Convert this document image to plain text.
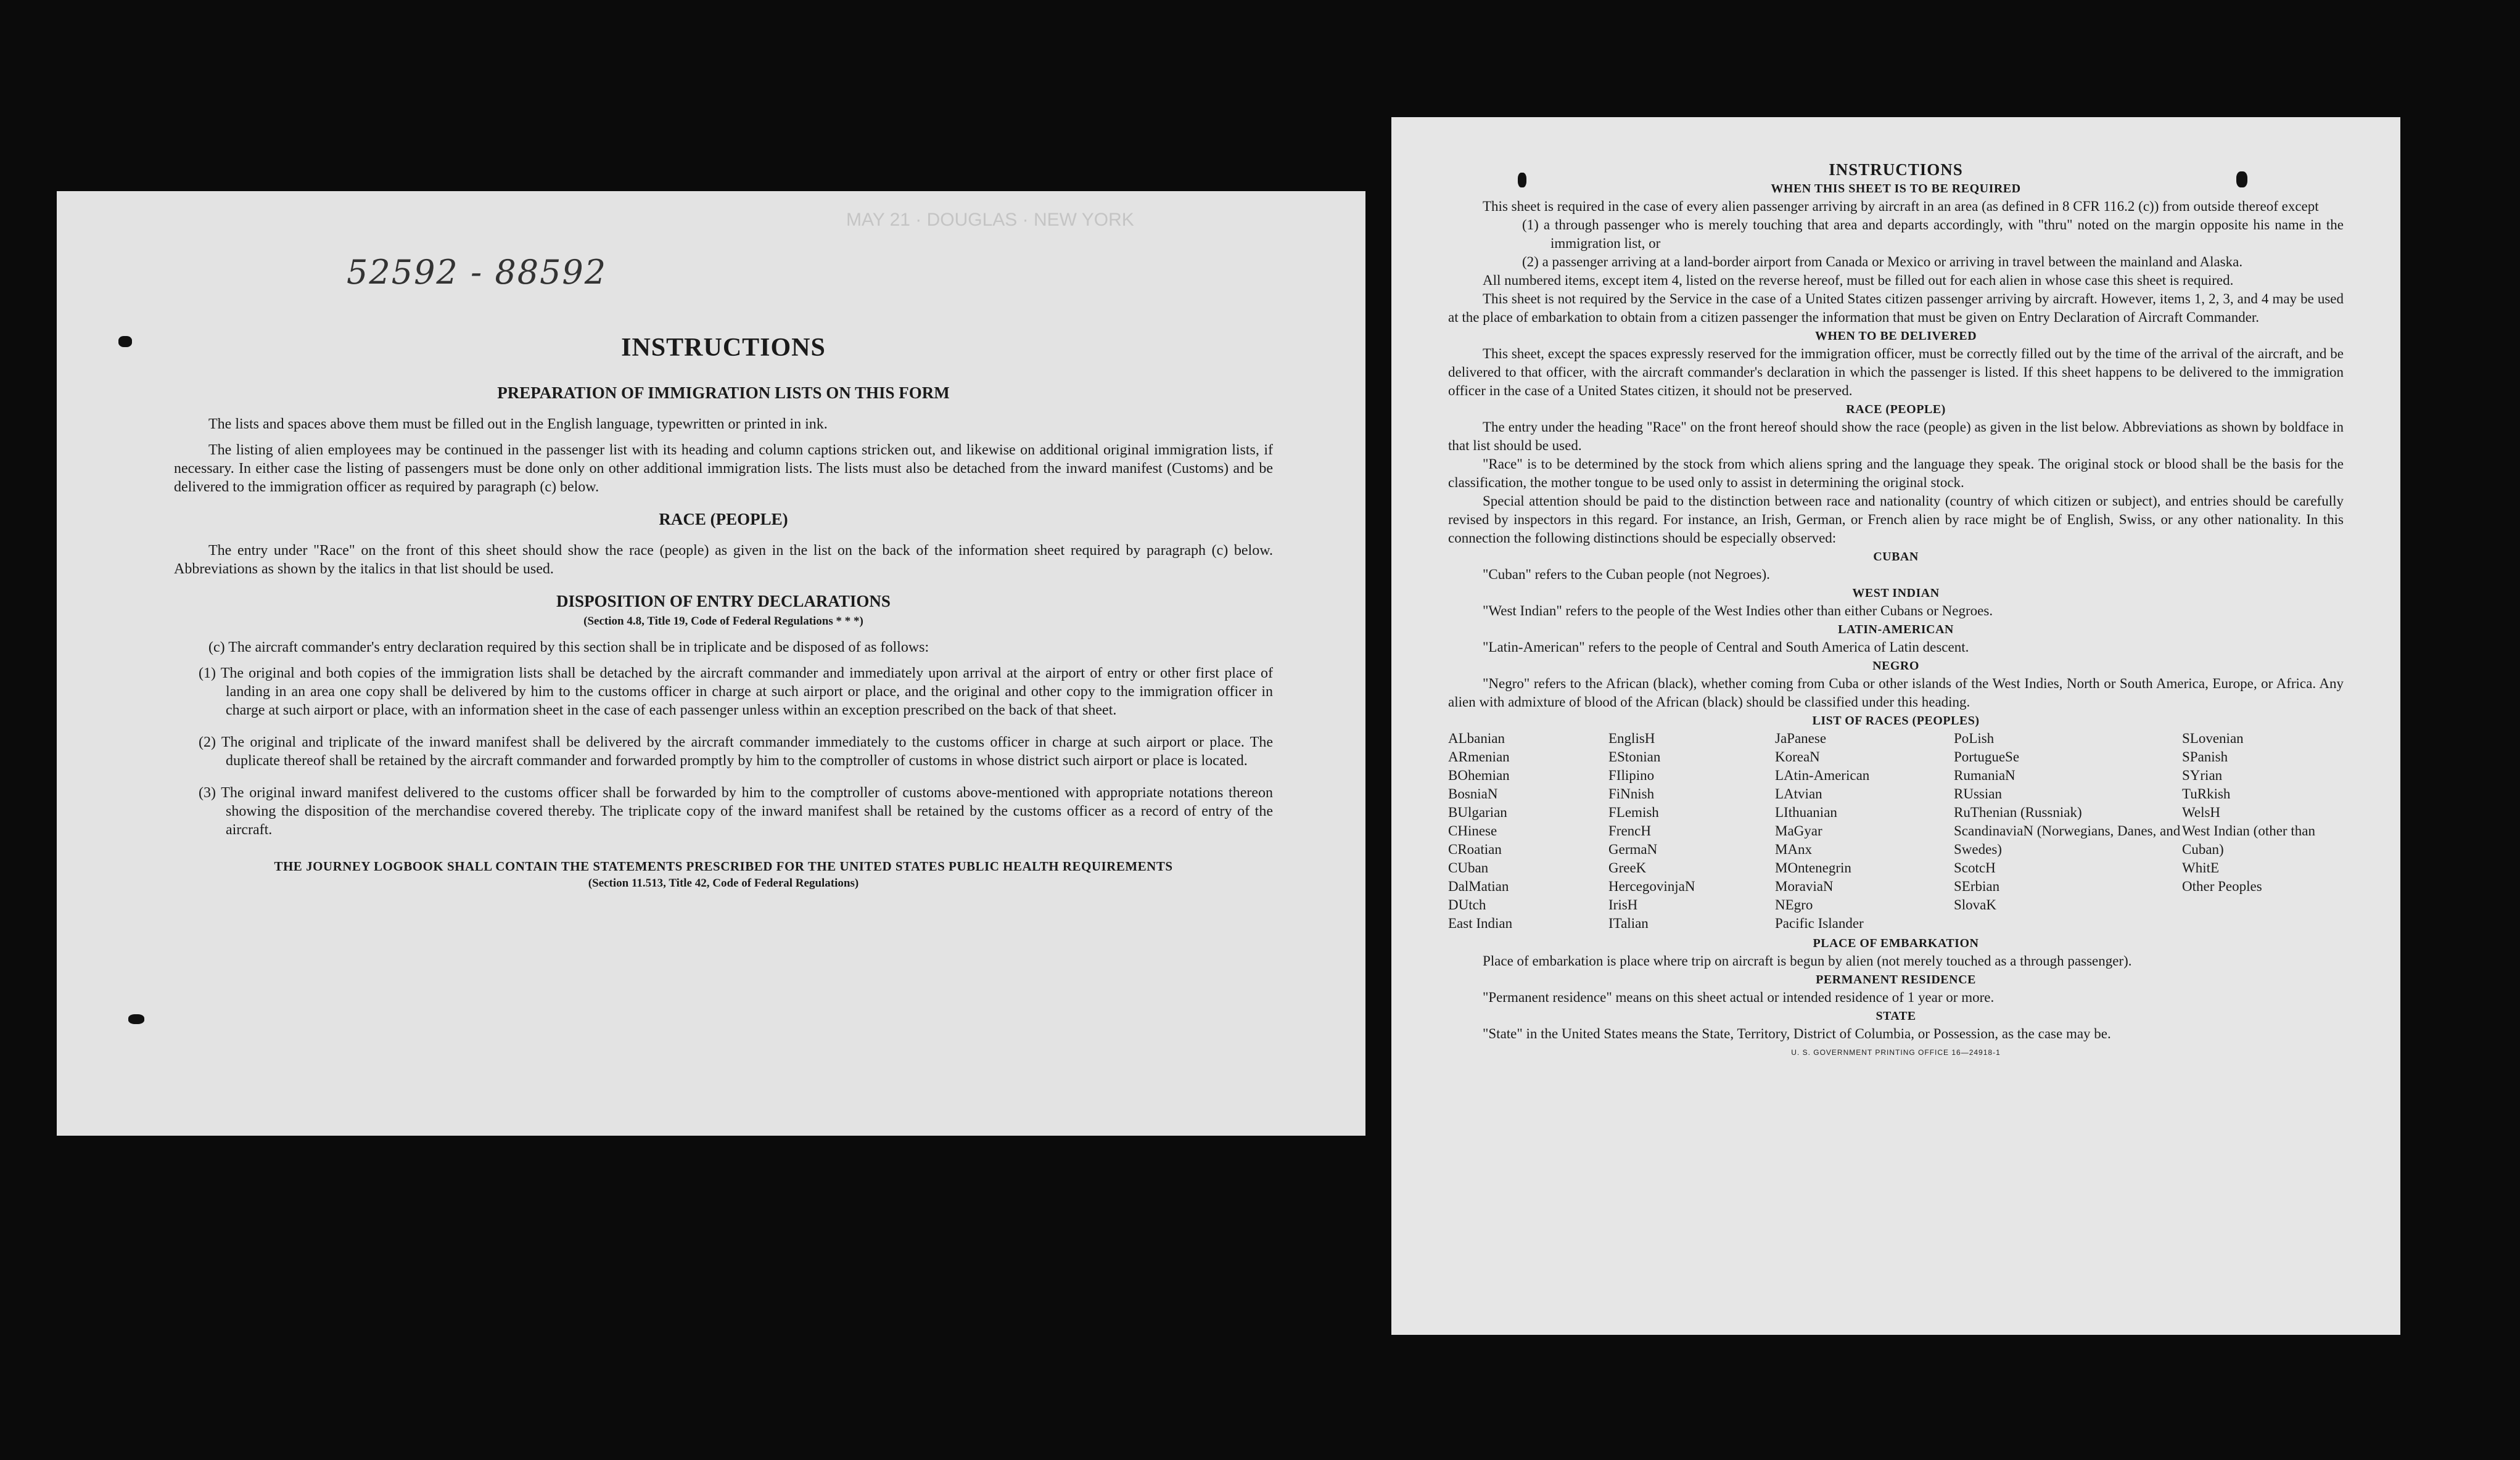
52592 - 88592
MAY 21 · DOUGLAS · NEW YORK
INSTRUCTIONS
PREPARATION OF IMMIGRATION LISTS ON THIS FORM

The lists and spaces above them must be filled out in the English language, typewritten or printed in ink.

The listing of alien employees may be continued in the passenger list with its heading and column captions stricken out, and likewise on additional original immigration lists, if necessary. In either case the listing of passengers must be done only on other additional immigration lists. The lists must also be detached from the inward manifest (Customs) and be delivered to the immigration officer as required by paragraph (c) below.

RACE (PEOPLE)

The entry under "Race" on the front of this sheet should show the race (people) as given in the list on the back of the information sheet required by paragraph (c) below. Abbreviations as shown by the italics in that list should be used.

DISPOSITION OF ENTRY DECLARATIONS
(Section 4.8, Title 19, Code of Federal Regulations * * *)

(c) The aircraft commander's entry declaration required by this section shall be in triplicate and be disposed of as follows:

(1) The original and both copies of the immigration lists shall be detached by the aircraft commander and immediately upon arrival at the airport of entry or other first place of landing in an area one copy shall be delivered by him to the customs officer in charge at such airport or place, and the original and other copy to the immigration officer in charge at such airport or place, with an information sheet in the case of each passenger unless within an exception prescribed on the back of that sheet.
(2) The original and triplicate of the inward manifest shall be delivered by the aircraft commander immediately to the customs officer in charge at such airport or place. The duplicate thereof shall be retained by the aircraft commander and forwarded promptly by him to the comptroller of customs in whose district such airport or place is located.
(3) The original inward manifest delivered to the customs officer shall be forwarded by him to the comptroller of customs above-mentioned with appropriate notations thereon showing the disposition of the merchandise covered thereby. The triplicate copy of the inward manifest shall be retained by the customs officer as a record of entry of the aircraft.
THE JOURNEY LOGBOOK SHALL CONTAIN THE STATEMENTS PRESCRIBED FOR THE UNITED STATES PUBLIC HEALTH REQUIREMENTS
(Section 11.513, Title 42, Code of Federal Regulations)
INSTRUCTIONS
WHEN THIS SHEET IS TO BE REQUIRED

This sheet is required in the case of every alien passenger arriving by aircraft in an area (as defined in 8 CFR 116.2 (c)) from outside thereof except

(1) a through passenger who is merely touching that area and departs accordingly, with "thru" noted on the margin opposite his name in the immigration list, or
(2) a passenger arriving at a land-border airport from Canada or Mexico or arriving in travel between the mainland and Alaska.

All numbered items, except item 4, listed on the reverse hereof, must be filled out for each alien in whose case this sheet is required.

This sheet is not required by the Service in the case of a United States citizen passenger arriving by aircraft. However, items 1, 2, 3, and 4 may be used at the place of embarkation to obtain from a citizen passenger the information that must be given on Entry Declaration of Aircraft Commander.

WHEN TO BE DELIVERED

This sheet, except the spaces expressly reserved for the immigration officer, must be correctly filled out by the time of the arrival of the aircraft, and be delivered to that officer, with the aircraft commander's declaration in which the passenger is listed. If this sheet happens to be delivered to the immigration officer in the case of a United States citizen, it should not be preserved.

RACE (PEOPLE)

The entry under the heading "Race" on the front hereof should show the race (people) as given in the list below. Abbreviations as shown by boldface in that list should be used.

"Race" is to be determined by the stock from which aliens spring and the language they speak. The original stock or blood shall be the basis for the classification, the mother tongue to be used only to assist in determining the original stock.

Special attention should be paid to the distinction between race and nationality (country of which citizen or subject), and entries should be carefully revised by inspectors in this regard. For instance, an Irish, German, or French alien by race might be of English, Swiss, or any other nationality. In this connection the following distinctions should be especially observed:

CUBAN

"Cuban" refers to the Cuban people (not Negroes).

WEST INDIAN

"West Indian" refers to the people of the West Indies other than either Cubans or Negroes.

LATIN-AMERICAN

"Latin-American" refers to the people of Central and South America of Latin descent.

NEGRO

"Negro" refers to the African (black), whether coming from Cuba or other islands of the West Indies, North or South America, Europe, or Africa. Any alien with admixture of blood of the African (black) should be classified under this heading.

LIST OF RACES (PEOPLES)
ALbanian
ARmenian
BOhemian
BosniaN
BUlgarian
CHinese
CRoatian
CUban
DalMatian
DUtch
East Indian
EnglisH
EStonian
FIlipino
FiNnish
FLemish
FrencH
GermaN
GreeK
HercegovinjaN
IrisH
ITalian
JaPanese
KoreaN
LAtin-American
LAtvian
LIthuanian
MaGyar
MAnx
MOntenegrin
MoraviaN
NEgro
Pacific Islander
PoLish
PortugueSe
RumaniaN
RUssian
RuThenian (Russniak)
ScandinaviaN (Norwegians, Danes, and Swedes)
ScotcH
SErbian
SlovaK
SLovenian
SPanish
SYrian
TuRkish
WelsH
West Indian (other than Cuban)
WhitE
Other Peoples
PLACE OF EMBARKATION

Place of embarkation is place where trip on aircraft is begun by alien (not merely touched as a through passenger).

PERMANENT RESIDENCE

"Permanent residence" means on this sheet actual or intended residence of 1 year or more.

STATE

"State" in the United States means the State, Territory, District of Columbia, or Possession, as the case may be.

U. S. GOVERNMENT PRINTING OFFICE 16—24918-1
